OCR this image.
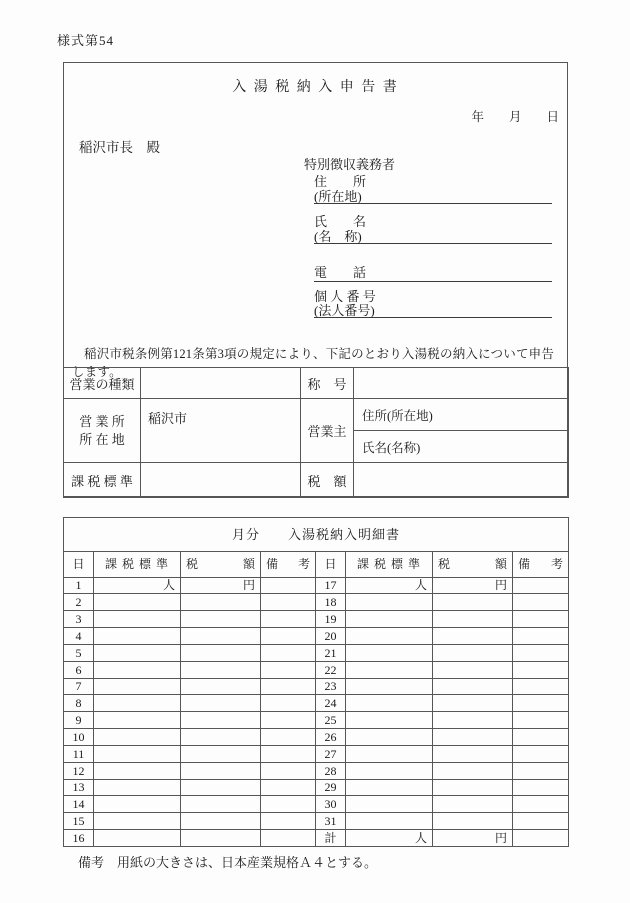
様式第54
入 湯 税 納 入 申 告 書
年　　月　　日
稲沢市長　殿
特別徴収義務者
住　　所
(所在地)
氏　　名
(名　称)
電　　話
個 人 番 号
(法人番号)
稲沢市税条例第121条第3項の規定により、下記のとおり入湯税の納入について申告します。
営業の種類		称　号	

営 業 所
所 在 地	稲沢市	営業主	住所(所在地)
			氏名(名称)
課 税 標 準		税　額	
月分　　入湯税納入明細書							
日	課 税 標 準	税 額	備 考	日	課 税 標 準	税 額	備 考

1	人	円		17	人	円	
2				18			
3				19			
4				20			
5				21			
6				22			
7				23			
8				24			
9				25			
10				26			
11				27			
12				28			
13				29			
14				30			
15				31			
16				計	人	円	
備考　用紙の大きさは、日本産業規格Ａ４とする。
